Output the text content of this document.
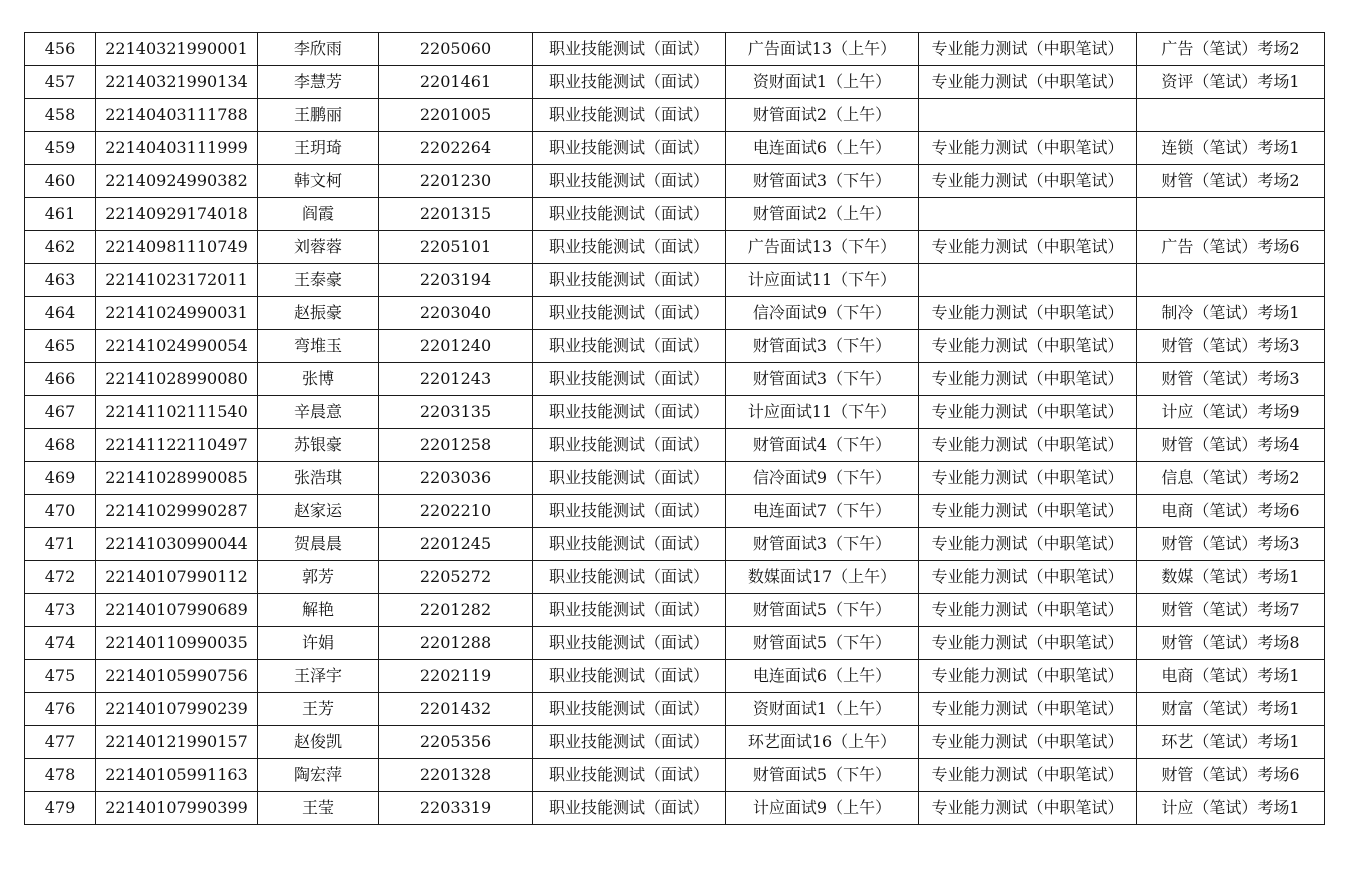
456	22140321990001	李欣雨	2205060	职业技能测试（面试）	广告面试13（上午）	专业能力测试（中职笔试）	广告（笔试）考场2
457	22140321990134	李慧芳	2201461	职业技能测试（面试）	资财面试1（上午）	专业能力测试（中职笔试）	资评（笔试）考场1
458	22140403111788	王鹏丽	2201005	职业技能测试（面试）	财管面试2（上午）		
459	22140403111999	王玥琦	2202264	职业技能测试（面试）	电连面试6（上午）	专业能力测试（中职笔试）	连锁（笔试）考场1
460	22140924990382	韩文柯	2201230	职业技能测试（面试）	财管面试3（下午）	专业能力测试（中职笔试）	财管（笔试）考场2
461	22140929174018	阎霞	2201315	职业技能测试（面试）	财管面试2（上午）		
462	22140981110749	刘蓉蓉	2205101	职业技能测试（面试）	广告面试13（下午）	专业能力测试（中职笔试）	广告（笔试）考场6
463	22141023172011	王泰豪	2203194	职业技能测试（面试）	计应面试11（下午）		
464	22141024990031	赵振豪	2203040	职业技能测试（面试）	信冷面试9（下午）	专业能力测试（中职笔试）	制冷（笔试）考场1
465	22141024990054	弯堆玉	2201240	职业技能测试（面试）	财管面试3（下午）	专业能力测试（中职笔试）	财管（笔试）考场3
466	22141028990080	张博	2201243	职业技能测试（面试）	财管面试3（下午）	专业能力测试（中职笔试）	财管（笔试）考场3
467	22141102111540	辛晨意	2203135	职业技能测试（面试）	计应面试11（下午）	专业能力测试（中职笔试）	计应（笔试）考场9
468	22141122110497	苏银豪	2201258	职业技能测试（面试）	财管面试4（下午）	专业能力测试（中职笔试）	财管（笔试）考场4
469	22141028990085	张浩琪	2203036	职业技能测试（面试）	信冷面试9（下午）	专业能力测试（中职笔试）	信息（笔试）考场2
470	22141029990287	赵家运	2202210	职业技能测试（面试）	电连面试7（下午）	专业能力测试（中职笔试）	电商（笔试）考场6
471	22141030990044	贺晨晨	2201245	职业技能测试（面试）	财管面试3（下午）	专业能力测试（中职笔试）	财管（笔试）考场3
472	22140107990112	郭芳	2205272	职业技能测试（面试）	数媒面试17（上午）	专业能力测试（中职笔试）	数媒（笔试）考场1
473	22140107990689	解艳	2201282	职业技能测试（面试）	财管面试5（下午）	专业能力测试（中职笔试）	财管（笔试）考场7
474	22140110990035	许娟	2201288	职业技能测试（面试）	财管面试5（下午）	专业能力测试（中职笔试）	财管（笔试）考场8
475	22140105990756	王泽宇	2202119	职业技能测试（面试）	电连面试6（上午）	专业能力测试（中职笔试）	电商（笔试）考场1
476	22140107990239	王芳	2201432	职业技能测试（面试）	资财面试1（上午）	专业能力测试（中职笔试）	财富（笔试）考场1
477	22140121990157	赵俊凯	2205356	职业技能测试（面试）	环艺面试16（上午）	专业能力测试（中职笔试）	环艺（笔试）考场1
478	22140105991163	陶宏萍	2201328	职业技能测试（面试）	财管面试5（下午）	专业能力测试（中职笔试）	财管（笔试）考场6
479	22140107990399	王莹	2203319	职业技能测试（面试）	计应面试9（上午）	专业能力测试（中职笔试）	计应（笔试）考场1
